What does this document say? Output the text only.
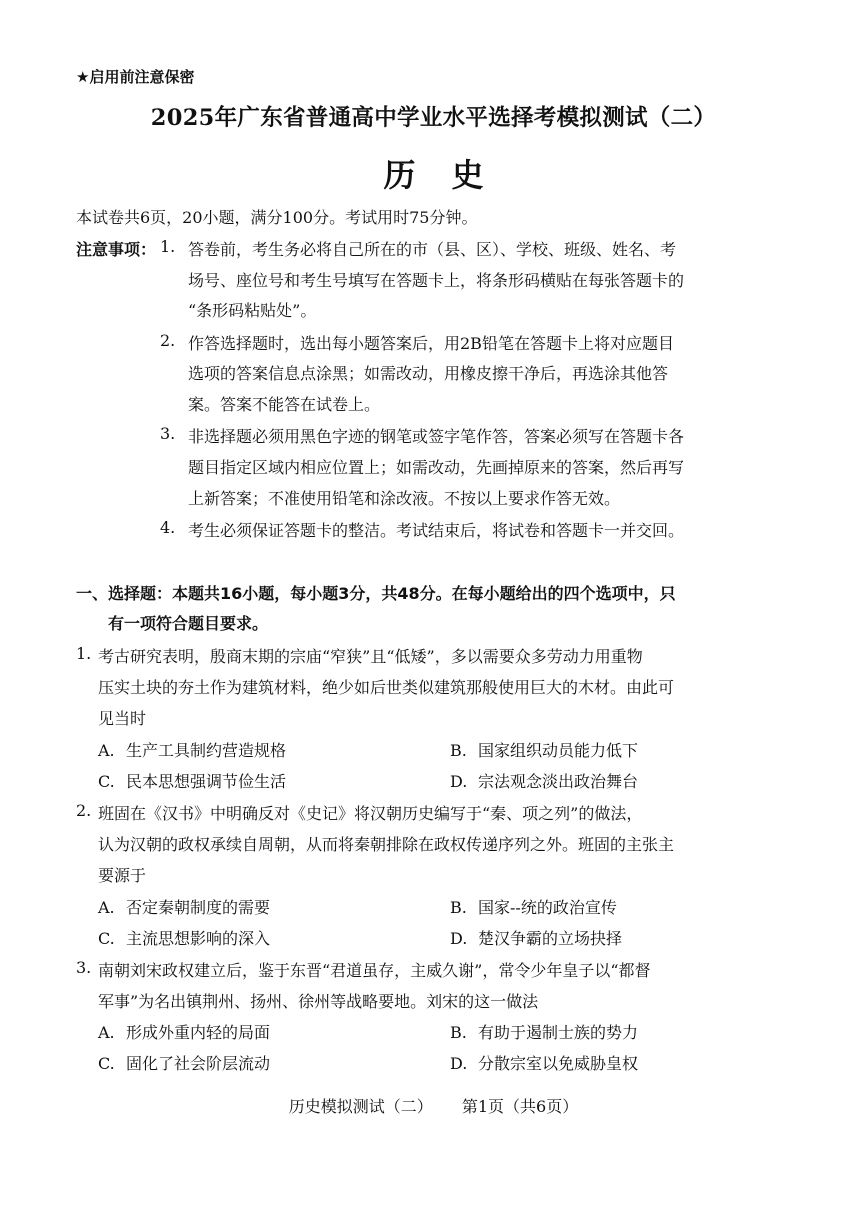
★启用前注意保密
2025年广东省普通高中学业水平选择考模拟测试（二）
历史
本试卷共6页，20小题，满分100分。考试用时75分钟。
注意事项： 1. 答卷前，考生务必将自己所在的市（县、区）、学校、班级、姓名、考
场号、座位号和考生号填写在答题卡上，将条形码横贴在每张答题卡的
“条形码粘贴处”。
2. 作答选择题时，选出每小题答案后，用2B铅笔在答题卡上将对应题目
选项的答案信息点涂黑；如需改动，用橡皮擦干净后，再选涂其他答
案。答案不能答在试卷上。
3. 非选择题必须用黑色字迹的钢笔或签字笔作答，答案必须写在答题卡各
题目指定区域内相应位置上；如需改动，先画掉原来的答案，然后再写
上新答案；不准使用铅笔和涂改液。不按以上要求作答无效。
4. 考生必须保证答题卡的整洁。考试结束后，将试卷和答题卡一并交回。
一、选择题：本题共16小题，每小题3分，共48分。在每小题给出的四个选项中，只
有一项符合题目要求。
1. 考古研究表明，殷商末期的宗庙“窄狭”且“低矮”，多以需要众多劳动力用重物
压实土块的夯土作为建筑材料，绝少如后世类似建筑那般使用巨大的木材。由此可
见当时
A. 生产工具制约营造规格	B. 国家组织动员能力低下
C. 民本思想强调节俭生活	D. 宗法观念淡出政治舞台
2. 班固在《汉书》中明确反对《史记》将汉朝历史编写于“秦、项之列”的做法，
认为汉朝的政权承续自周朝，从而将秦朝排除在政权传递序列之外。班固的主张主
要源于
A. 否定秦朝制度的需要	B. 国家--统的政治宣传
C. 主流思想影响的深入	D. 楚汉争霸的立场抉择
3. 南朝刘宋政权建立后，鉴于东晋“君道虽存，主威久谢”，常令少年皇子以“都督
军事”为名出镇荆州、扬州、徐州等战略要地。刘宋的这一做法
A. 形成外重内轻的局面	B. 有助于遏制士族的势力
C. 固化了社会阶层流动	D. 分散宗室以免威胁皇权
历史模拟测试（二） 第1页（共6页）
